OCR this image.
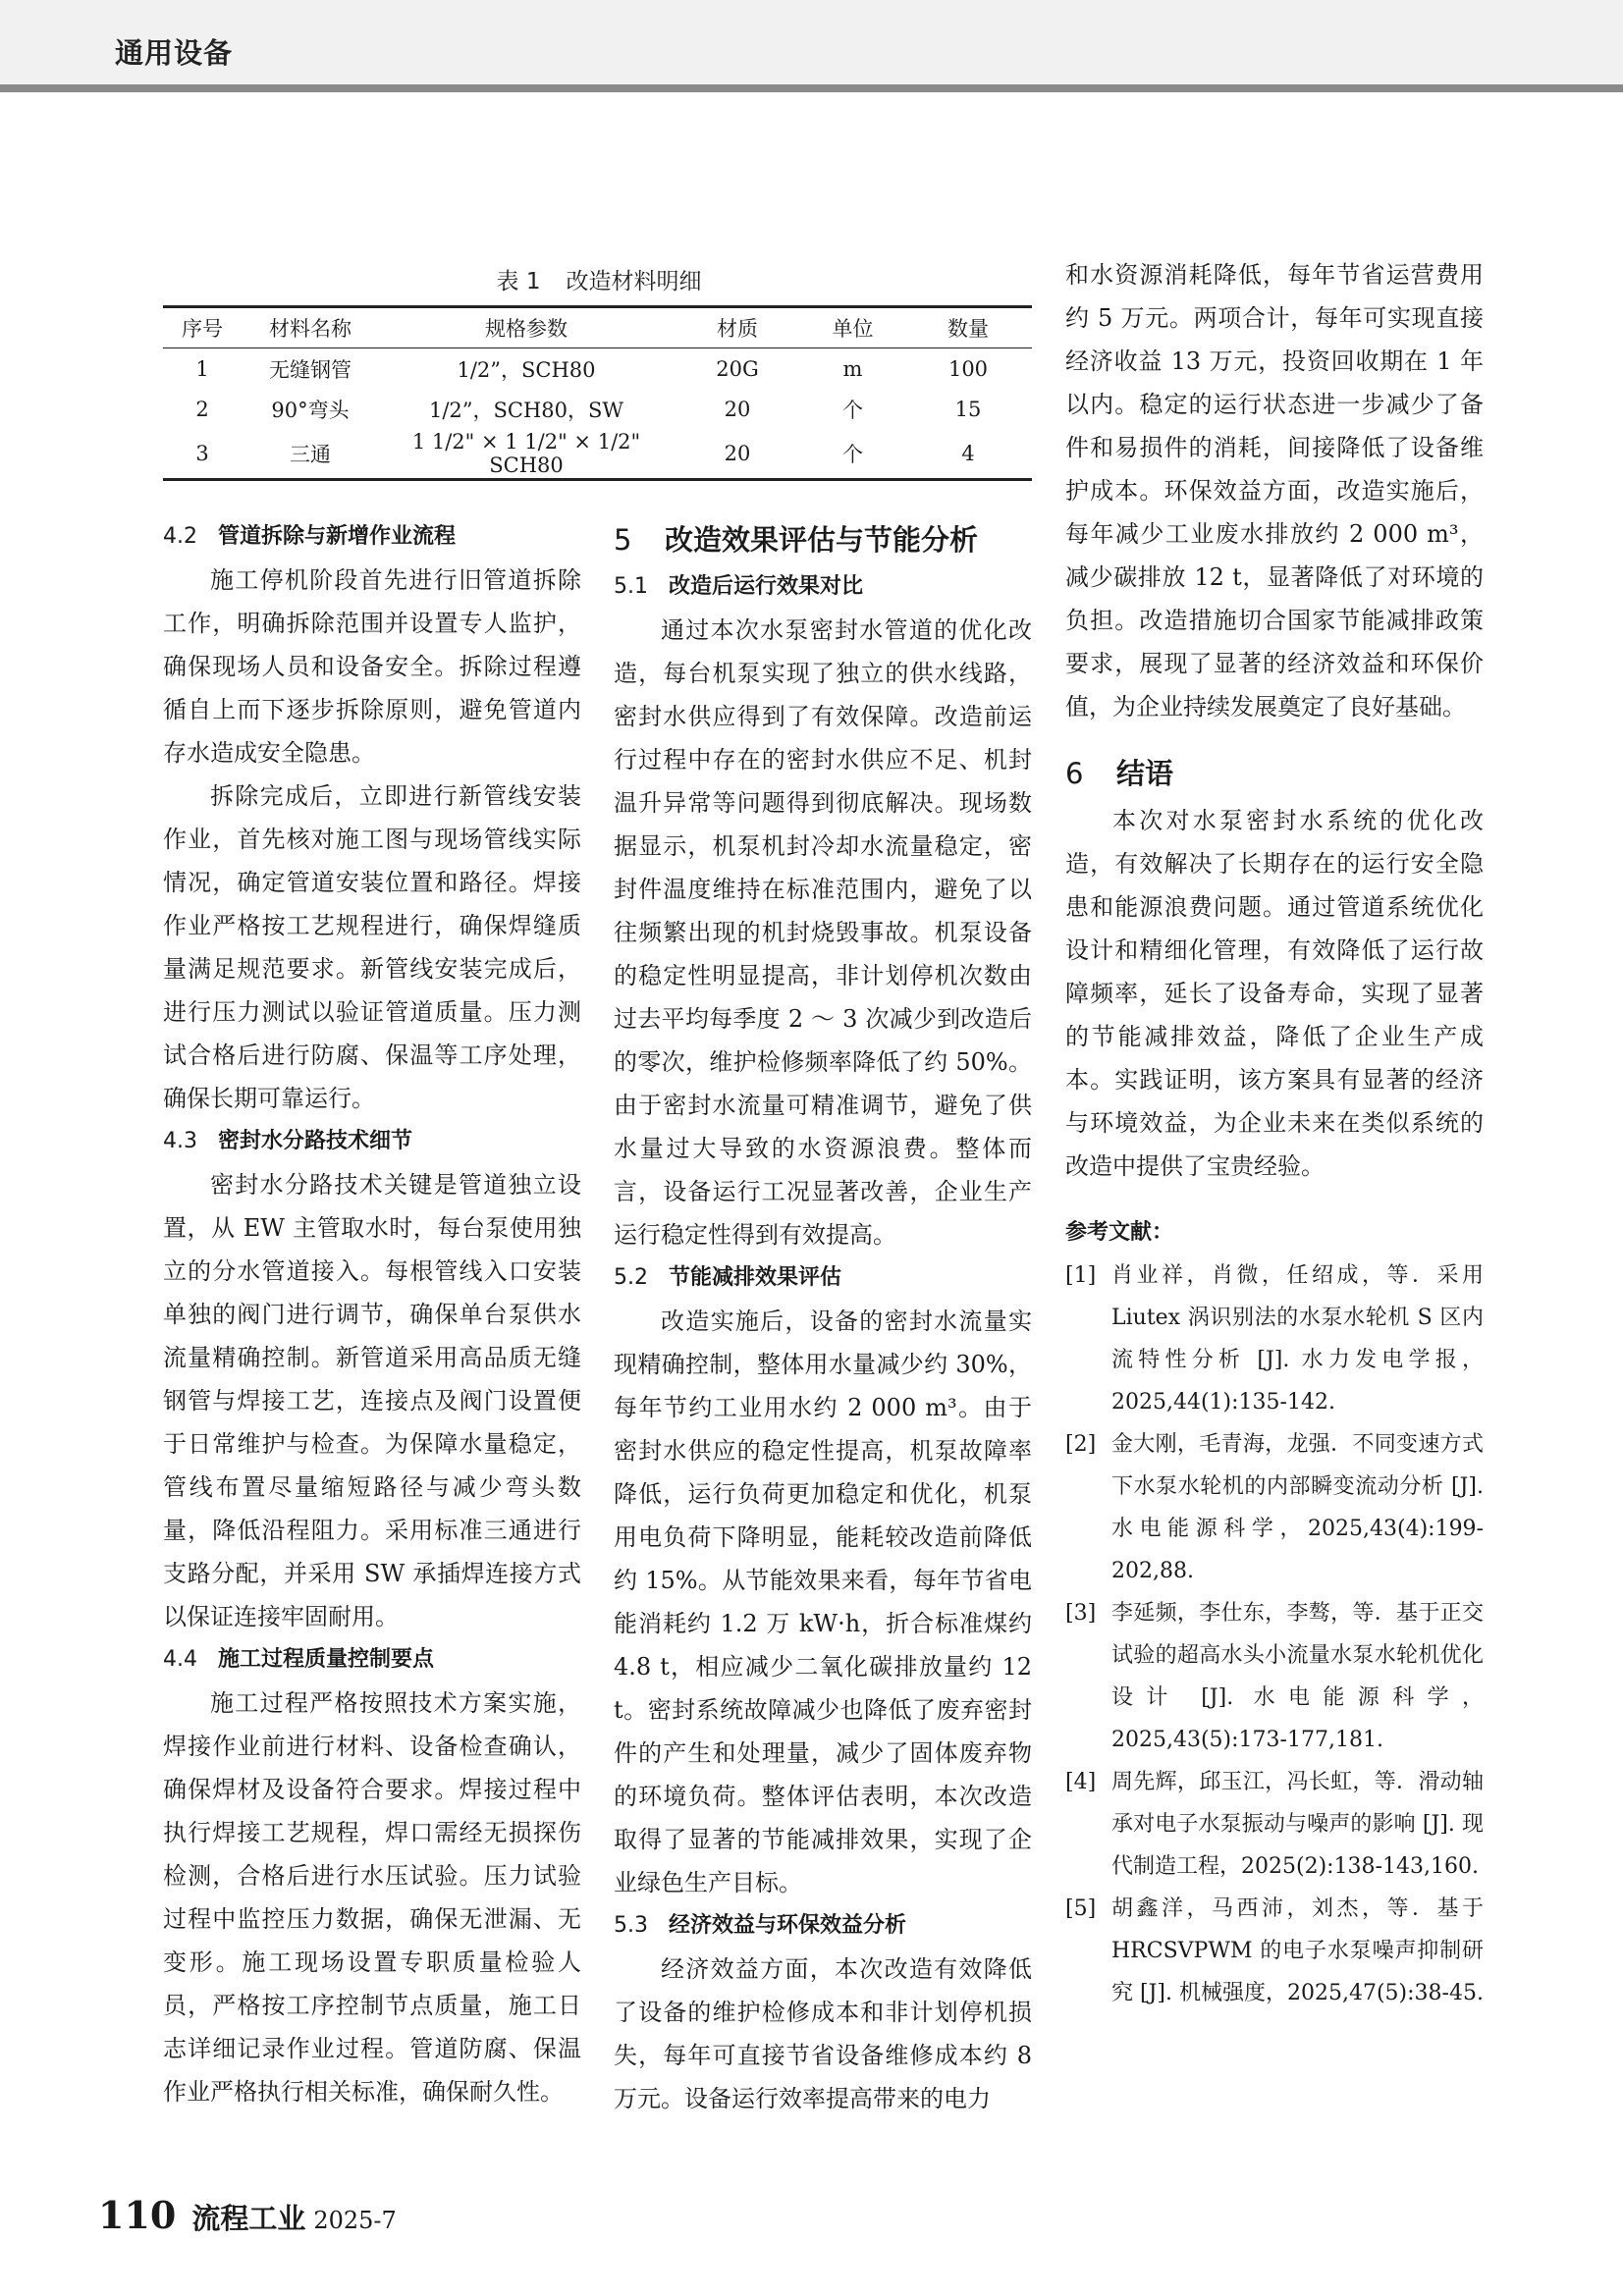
通用设备
表 1 改造材料明细
序号	材料名称	规格参数	材质	单位	数量
1	无缝钢管	1/2”，SCH80	20G	m	100
2	90°弯头	1/2”，SCH80，SW	20	个	15
3	三通	1 1/2" × 1 1/2" × 1/2" SCH80	20	个	4
4.2 管道拆除与新增作业流程

施工停机阶段首先进行旧管道拆除工作，明确拆除范围并设置专人监护，确保现场人员和设备安全。拆除过程遵循自上而下逐步拆除原则，避免管道内存水造成安全隐患。

拆除完成后，立即进行新管线安装作业，首先核对施工图与现场管线实际情况，确定管道安装位置和路径。焊接作业严格按工艺规程进行，确保焊缝质量满足规范要求。新管线安装完成后，进行压力测试以验证管道质量。压力测试合格后进行防腐、保温等工序处理，确保长期可靠运行。

4.3 密封水分路技术细节

密封水分路技术关键是管道独立设置，从 EW 主管取水时，每台泵使用独立的分水管道接入。每根管线入口安装单独的阀门进行调节，确保单台泵供水流量精确控制。新管道采用高品质无缝钢管与焊接工艺，连接点及阀门设置便于日常维护与检查。为保障水量稳定，管线布置尽量缩短路径与减少弯头数量，降低沿程阻力。采用标准三通进行支路分配，并采用 SW 承插焊连接方式以保证连接牢固耐用。

4.4 施工过程质量控制要点

施工过程严格按照技术方案实施，焊接作业前进行材料、设备检查确认，确保焊材及设备符合要求。焊接过程中执行焊接工艺规程，焊口需经无损探伤检测，合格后进行水压试验。压力试验过程中监控压力数据，确保无泄漏、无变形。施工现场设置专职质量检验人员，严格按工序控制节点质量，施工日志详细记录作业过程。管道防腐、保温作业严格执行相关标准，确保耐久性。

5 改造效果评估与节能分析
5.1 改造后运行效果对比

通过本次水泵密封水管道的优化改造，每台机泵实现了独立的供水线路，密封水供应得到了有效保障。改造前运行过程中存在的密封水供应不足、机封温升异常等问题得到彻底解决。现场数据显示，机泵机封冷却水流量稳定，密封件温度维持在标准范围内，避免了以往频繁出现的机封烧毁事故。机泵设备的稳定性明显提高，非计划停机次数由过去平均每季度 2 ～ 3 次减少到改造后的零次，维护检修频率降低了约 50%。由于密封水流量可精准调节，避免了供水量过大导致的水资源浪费。整体而言，设备运行工况显著改善，企业生产运行稳定性得到有效提高。

5.2 节能减排效果评估

改造实施后，设备的密封水流量实现精确控制，整体用水量减少约 30%，每年节约工业用水约 2 000 m³。由于密封水供应的稳定性提高，机泵故障率降低，运行负荷更加稳定和优化，机泵用电负荷下降明显，能耗较改造前降低约 15%。从节能效果来看，每年节省电能消耗约 1.2 万 kW·h，折合标准煤约 4.8 t，相应减少二氧化碳排放量约 12 t。密封系统故障减少也降低了废弃密封件的产生和处理量，减少了固体废弃物的环境负荷。整体评估表明，本次改造取得了显著的节能减排效果，实现了企业绿色生产目标。

5.3 经济效益与环保效益分析

经济效益方面，本次改造有效降低了设备的维护检修成本和非计划停机损失，每年可直接节省设备维修成本约 8 万元。设备运行效率提高带来的电力

和水资源消耗降低，每年节省运营费用约 5 万元。两项合计，每年可实现直接经济收益 13 万元，投资回收期在 1 年以内。稳定的运行状态进一步减少了备件和易损件的消耗，间接降低了设备维护成本。环保效益方面，改造实施后，每年减少工业废水排放约 2 000 m³，减少碳排放 12 t，显著降低了对环境的负担。改造措施切合国家节能减排政策要求，展现了显著的经济效益和环保价值，为企业持续发展奠定了良好基础。
6 结语

本次对水泵密封水系统的优化改造，有效解决了长期存在的运行安全隐患和能源浪费问题。通过管道系统优化设计和精细化管理，有效降低了运行故障频率，延长了设备寿命，实现了显著的节能减排效益，降低了企业生产成本。实践证明，该方案具有显著的经济与环境效益，为企业未来在类似系统的改造中提供了宝贵经验。

参考文献：
[1] 肖业祥，肖微，任绍成，等．采用 Liutex 涡识别法的水泵水轮机 S 区内流特性分析 [J]. 水力发电学报，2025,44(1):135-142.
[2] 金大刚，毛青海，龙强．不同变速方式下水泵水轮机的内部瞬变流动分析 [J]. 水电能源科学，2025,43(4):199-202,88.
[3] 李延频，李仕东，李骜，等．基于正交试验的超高水头小流量水泵水轮机优化设计 [J]. 水电能源科学，2025,43(5):173-177,181.
[4] 周先辉，邱玉江，冯长虹，等．滑动轴承对电子水泵振动与噪声的影响 [J]. 现代制造工程，2025(2):138-143,160.
[5] 胡鑫洋，马西沛，刘杰，等．基于 HRCSVPWM 的电子水泵噪声抑制研究 [J]. 机械强度，2025,47(5):38-45.
110 流程工业 2025-7
